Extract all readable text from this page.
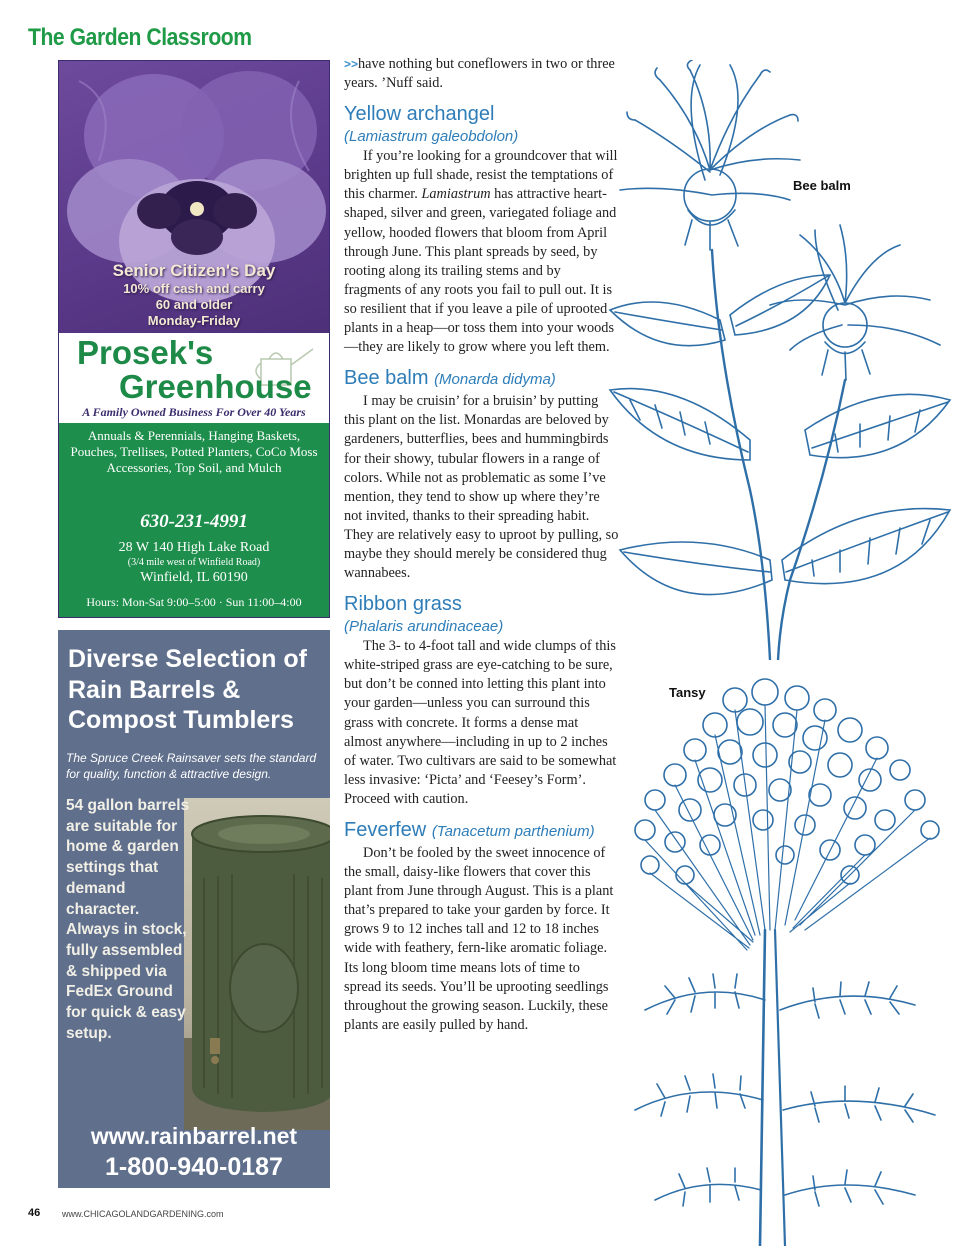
The Garden Classroom
Senior Citizen's Day
10% off cash and carry
60 and older
Monday-Friday
Prosek's
Greenhouse
A Family Owned Business For Over 40 Years
Annuals & Perennials, Hanging Baskets, Pouches, Trellises, Potted Planters, CoCo Moss Accessories, Top Soil, and Mulch
630-231-4991
28 W 140 High Lake Road
(3/4 mile west of Winfield Road)
Winfield, IL 60190
Hours: Mon-Sat 9:00–5:00 · Sun 11:00–4:00
Diverse Selection of Rain Barrels & Compost Tumblers
The Spruce Creek Rainsaver sets the standard for quality, function & attractive design.
54 gallon barrels are suitable for home & garden settings that demand character. Always in stock, fully assembled & shipped via FedEx Ground for quick & easy setup.
www.rainbarrel.net
1-800-940-0187

>>have nothing but coneflowers in two or three years. ’Nuff said.

Yellow archangel
(Lamiastrum galeobdolon)

If you’re looking for a groundcover that will brighten up full shade, resist the temptations of this charmer. Lamiastrum has attractive heart-shaped, silver and green, variegated foliage and yellow, hooded flowers that bloom from April through June. This plant spreads by seed, by rooting along its trailing stems and by fragments of any roots you fail to pull out. It is so resilient that if you leave a pile of uprooted plants in a heap—or toss them into your woods—they are likely to grow where you left them.

Bee balm (Monarda didyma)

I may be cruisin’ for a bruisin’ by putting this plant on the list. Monardas are beloved by gardeners, butterflies, bees and hummingbirds for their showy, tubular flowers in a range of colors. While not as problematic as some I’ve mention, they tend to show up where they’re not invited, thanks to their spreading habit. They are relatively easy to uproot by pulling, so maybe they should merely be considered thug wannabees.

Ribbon grass
(Phalaris arundinaceae)

The 3- to 4-foot tall and wide clumps of this white-striped grass are eye-catching to be sure, but don’t be conned into letting this plant into your garden—unless you can surround this grass with concrete. It forms a dense mat almost anywhere—including in up to 2 inches of water. Two cultivars are said to be somewhat less invasive: ‘Picta’ and ‘Feesey’s Form’. Proceed with caution.

Feverfew (Tanacetum parthenium)

Don’t be fooled by the sweet innocence of the small, daisy-like flowers that cover this plant from June through August. This is a plant that’s prepared to take your garden by force. It grows 9 to 12 inches tall and 12 to 18 inches wide with feathery, fern-like aromatic foliage. Its long bloom time means lots of time to spread its seeds. You’ll be uprooting seedlings throughout the growing season. Luckily, these plants are easily pulled by hand.

Bee balm
Tansy
46 www.CHICAGOLANDGARDENING.com
